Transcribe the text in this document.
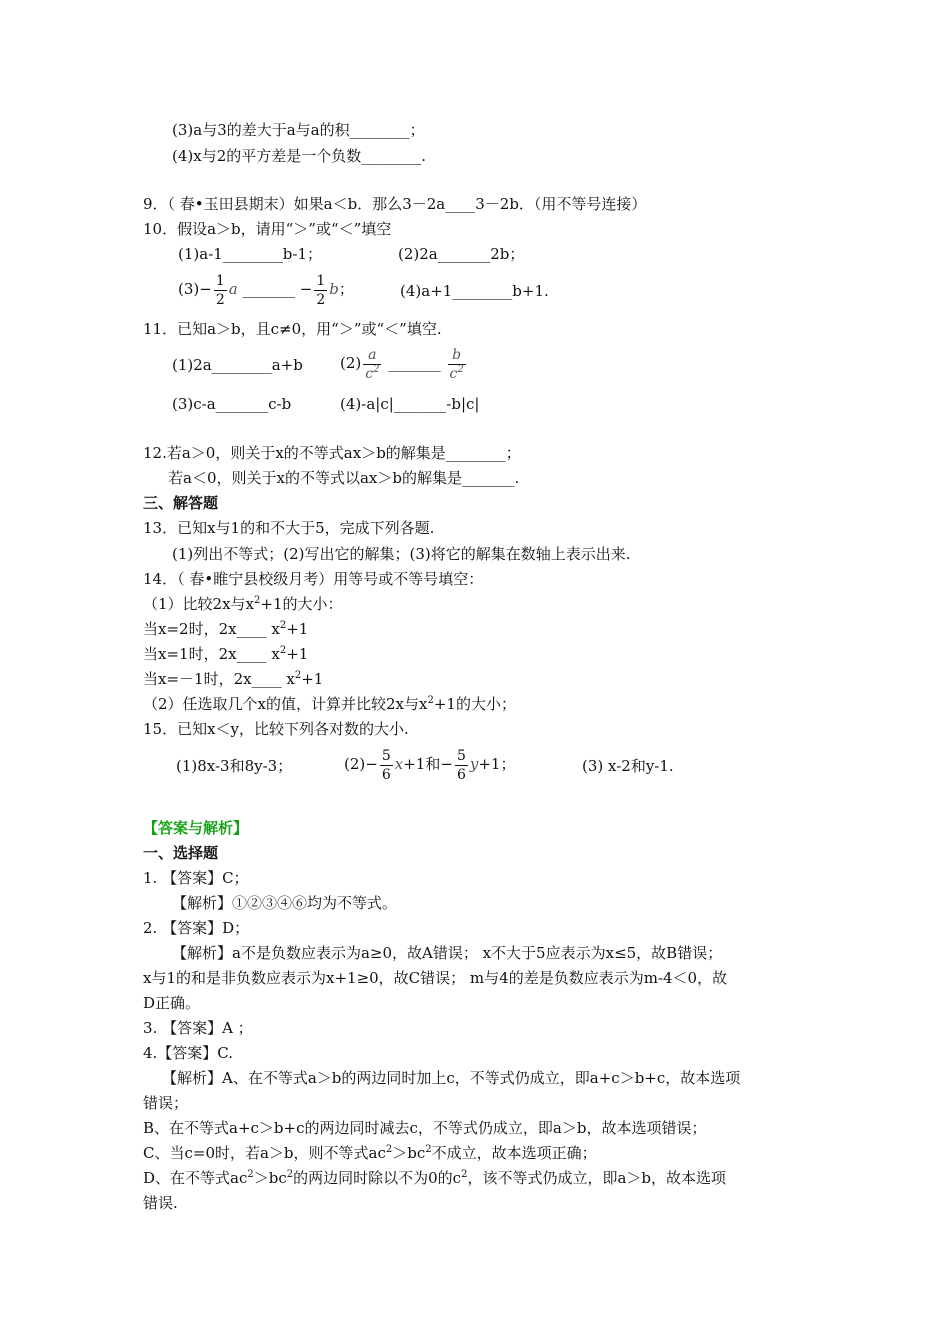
(3)a与3的差大于a与a的积________；
(4)x与2的平方差是一个负数________.
9．（ 春•玉田县期末）如果a＜b．那么3－2a____3－2b．（用不等号连接）
10．假设a＞b，请用“＞”或“＜”填空
(1)a-1________b-1；	(2)2a_______2b；
$(3)- \frac{1}{2}$ a _______ − $\frac{1}{2}$ b；	(4)a+1________b+1.
11．已知a＞b，且c≠0，用“＞”或“＜”填空.
(1)2a________a+b $(2) \frac{a}{c^2}$ _______ $\frac{b}{c^2}$
(3)c-a_______c-b	(4)-a|c|_______-b|c|
12.若a＞0，则关于x的不等式ax＞b的解集是________；
若a＜0，则关于x的不等式以ax＞b的解集是_______.
三、解答题
13．已知x与1的和不大于5，完成下列各题.
(1)列出不等式；(2)写出它的解集；(3)将它的解集在数轴上表示出来.
14．（ 春•睢宁县校级月考）用等号或不等号填空：
（1）比较2x与$x^2+1$的大小：
当x=2时，2x____ $x^2+1$
当x=1时，2x____ $x^2+1$
当x=－1时，2x____ $x^2+1$
（2）任选取几个x的值，计算并比较2x与$x^2+1$的大小；
15．已知x＜y，比较下列各对数的大小.
(1)8x-3和8y-3；	$(2)- \frac{5}{6} x+1$和− $\frac{5}{6} y+1$；	(3) x-2和y-1.
【答案与解析】
一、选择题
1. 【答案】C；
【解析】①②③④⑥均为不等式。
2. 【答案】D；
【解析】a不是负数应表示为a≥0，故A错误； x不大于5应表示为x≤5，故B错误；
x与1的和是非负数应表示为x+1≥0，故C错误； m与4的差是负数应表示为m-4＜0，故
D正确。
3. 【答案】A ；
4.【答案】C.
【解析】A、在不等式a＞b的两边同时加上c，不等式仍成立，即a+c＞b+c，故本选项
错误；
B、在不等式a+c＞b+c的两边同时减去c，不等式仍成立，即a＞b，故本选项错误；
C、当c=0时，若a＞b，则不等式$ac^2>bc^2$不成立，故本选项正确；
D、在不等式$ac^2>bc^2$的两边同时除以不为0的$c^2$，该不等式仍成立，即a＞b，故本选项
错误.
